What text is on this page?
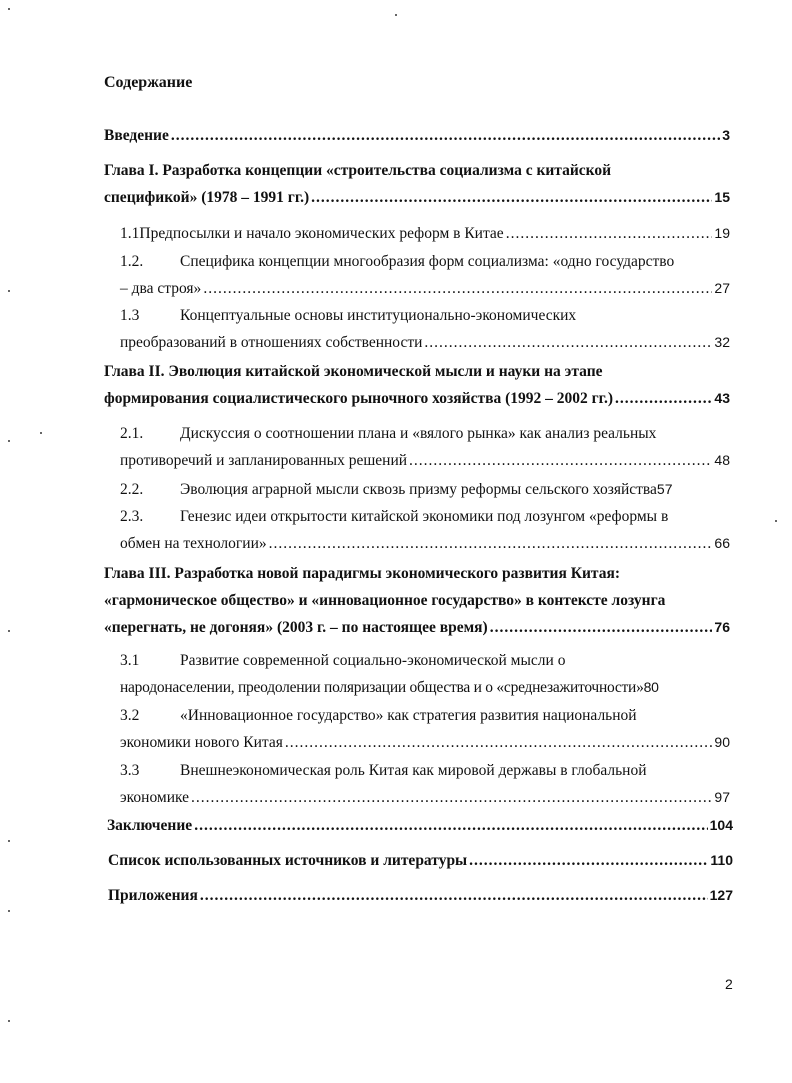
Содержание
Введение .....	3
Глава I. Разработка концепции «строительства социализма с китайской
спецификой» (1978 – 1991 гг.) .....	15
1.1 Предпосылки и начало экономических реформ в Китае .....	19
1.2. Специфика концепции многообразия форм социализма: «одно государство
– два строя» .....	27
1.3	Концептуальные основы институционально-экономических
преобразований в отношениях собственности .....	32
Глава II. Эволюция китайской экономической мысли и науки на этапе
формирования социалистического рыночного хозяйства (1992 – 2002 гг.) .....	43
2.1. Дискуссия о соотношении плана и «вялого рынка» как анализ реальных
противоречий и запланированных решений .....	48
2.2.	Эволюция аграрной мысли сквозь призму реформы сельского хозяйства 57
2.3. Генезис идеи открытости китайской экономики под лозунгом «реформы в
обмен на технологии» .....	66
Глава III. Разработка новой парадигмы экономического развития Китая:
«гармоническое общество» и «инновационное государство» в контексте лозунга
«перегнать, не догоняя» (2003 г. – по настоящее время) .....	76
3.1	Развитие современной социально-экономической мысли о
народонаселении, преодолении поляризации общества и о «среднезажиточности» 80
3.2	«Инновационное государство» как стратегия развития национальной
экономики нового Китая .....	90
3.3	Внешнеэкономическая роль Китая как мировой державы в глобальной
экономике .....	97
Заключение .....	104
Список использованных источников и литературы .....	110
Приложения .....	127
2
